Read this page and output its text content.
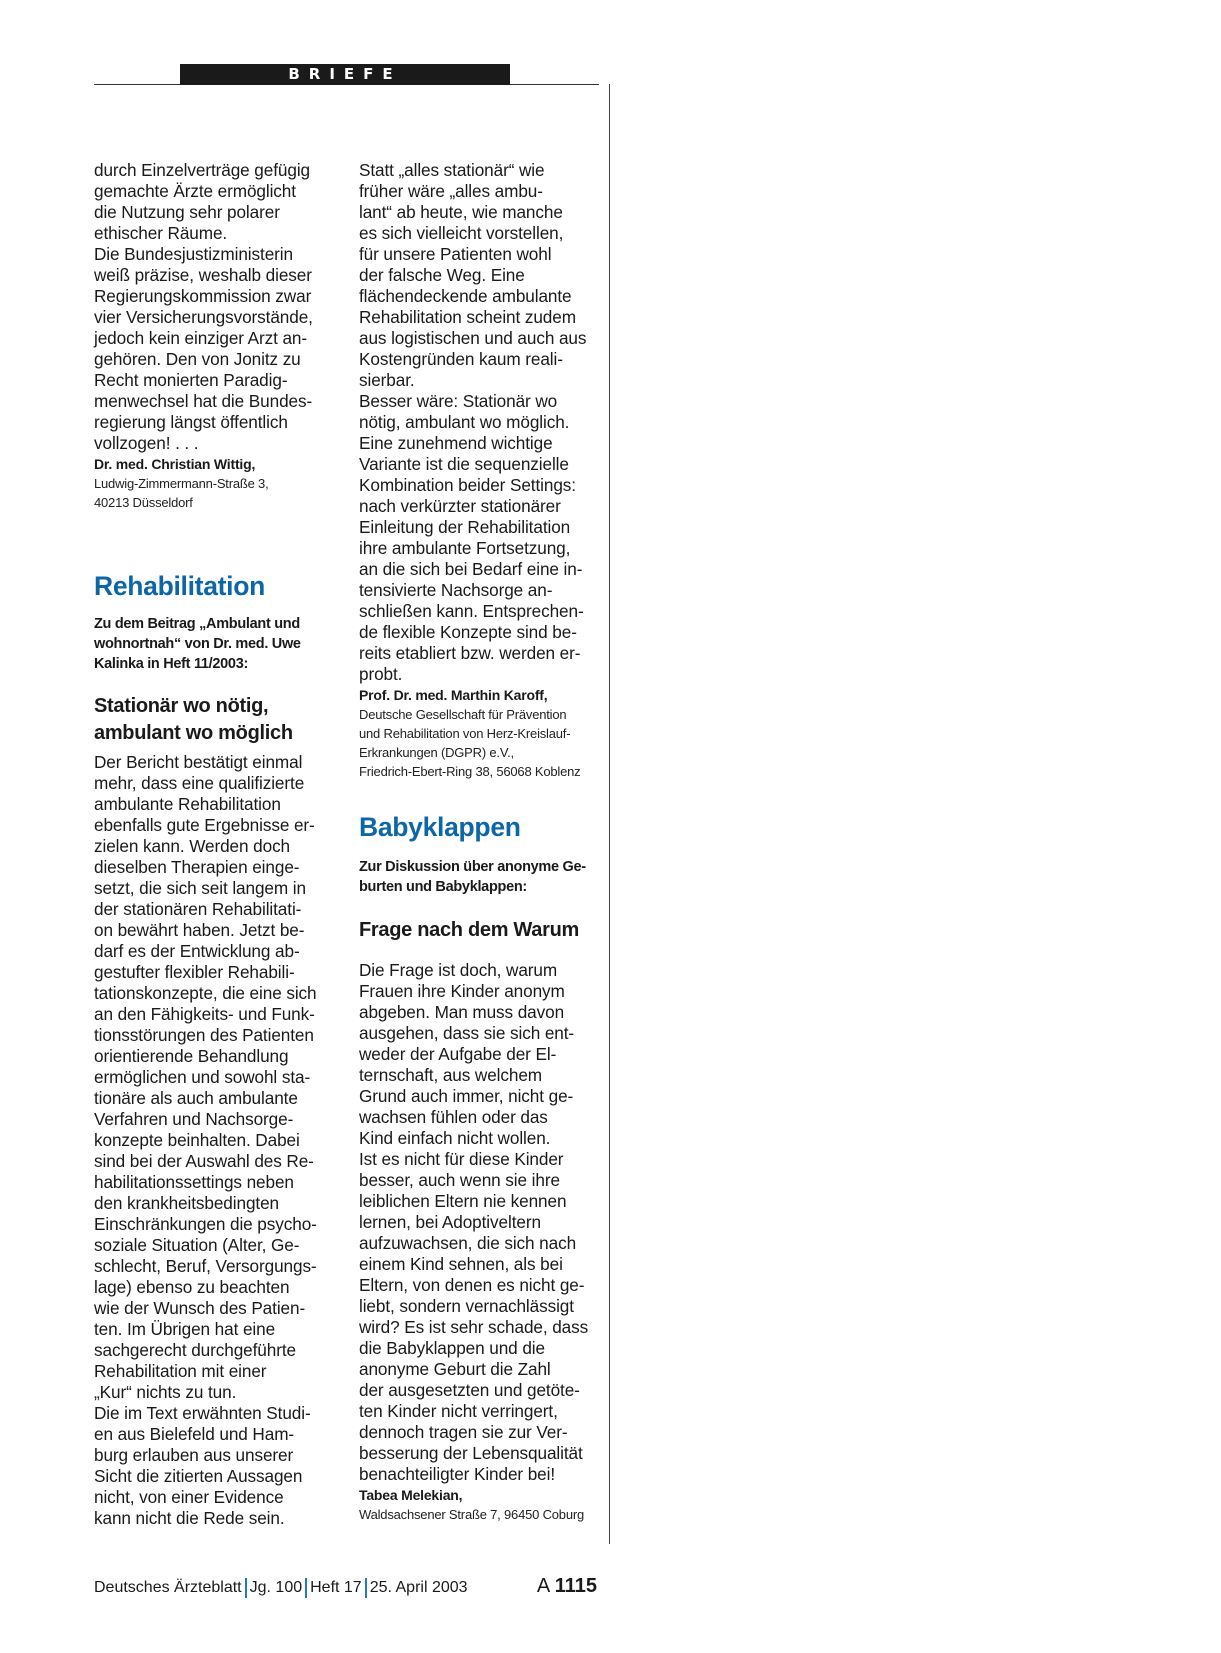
BRIEFE

durch Einzelverträge gefügig
gemachte Ärzte ermöglicht
die Nutzung sehr polarer
ethischer Räume.
Die Bundesjustizministerin
weiß präzise, weshalb dieser
Regierungskommission zwar
vier Versicherungsvorstände,
jedoch kein einziger Arzt an-
gehören. Den von Jonitz zu
Recht monierten Paradig-
menwechsel hat die Bundes-
regierung längst öffentlich
vollzogen! . . .

Dr. med. Christian Wittig,

Ludwig-Zimmermann-Straße 3,
40213 Düsseldorf

Rehabilitation

Zu dem Beitrag „Ambulant und
wohnortnah“ von Dr. med. Uwe
Kalinka in Heft 11/2003:

Stationär wo nötig,
ambulant wo möglich

Der Bericht bestätigt einmal
mehr, dass eine qualifizierte
ambulante Rehabilitation
ebenfalls gute Ergebnisse er-
zielen kann. Werden doch
dieselben Therapien einge-
setzt, die sich seit langem in
der stationären Rehabilitati-
on bewährt haben. Jetzt be-
darf es der Entwicklung ab-
gestufter flexibler Rehabili-
tationskonzepte, die eine sich
an den Fähigkeits- und Funk-
tionsstörungen des Patienten
orientierende Behandlung
ermöglichen und sowohl sta-
tionäre als auch ambulante
Verfahren und Nachsorge-
konzepte beinhalten. Dabei
sind bei der Auswahl des Re-
habilitationssettings neben
den krankheitsbedingten
Einschränkungen die psycho-
soziale Situation (Alter, Ge-
schlecht, Beruf, Versorgungs-
lage) ebenso zu beachten
wie der Wunsch des Patien-
ten. Im Übrigen hat eine
sachgerecht durchgeführte
Rehabilitation mit einer
„Kur“ nichts zu tun.
Die im Text erwähnten Studi-
en aus Bielefeld und Ham-
burg erlauben aus unserer
Sicht die zitierten Aussagen
nicht, von einer Evidence
kann nicht die Rede sein.

Statt „alles stationär“ wie
früher wäre „alles ambu-
lant“ ab heute, wie manche
es sich vielleicht vorstellen,
für unsere Patienten wohl
der falsche Weg. Eine
flächendeckende ambulante
Rehabilitation scheint zudem
aus logistischen und auch aus
Kostengründen kaum reali-
sierbar.
Besser wäre: Stationär wo
nötig, ambulant wo möglich.
Eine zunehmend wichtige
Variante ist die sequenzielle
Kombination beider Settings:
nach verkürzter stationärer
Einleitung der Rehabilitation
ihre ambulante Fortsetzung,
an die sich bei Bedarf eine in-
tensivierte Nachsorge an-
schließen kann. Entsprechen-
de flexible Konzepte sind be-
reits etabliert bzw. werden er-
probt.

Prof. Dr. med. Marthin Karoff,

Deutsche Gesellschaft für Prävention
und Rehabilitation von Herz-Kreislauf-
Erkrankungen (DGPR) e.V.,
Friedrich-Ebert-Ring 38, 56068 Koblenz

Babyklappen

Zur Diskussion über anonyme Ge-
burten und Babyklappen:

Frage nach dem Warum

Die Frage ist doch, warum
Frauen ihre Kinder anonym
abgeben. Man muss davon
ausgehen, dass sie sich ent-
weder der Aufgabe der El-
ternschaft, aus welchem
Grund auch immer, nicht ge-
wachsen fühlen oder das
Kind einfach nicht wollen.
Ist es nicht für diese Kinder
besser, auch wenn sie ihre
leiblichen Eltern nie kennen
lernen, bei Adoptiveltern
aufzuwachsen, die sich nach
einem Kind sehnen, als bei
Eltern, von denen es nicht ge-
liebt, sondern vernachlässigt
wird? Es ist sehr schade, dass
die Babyklappen und die
anonyme Geburt die Zahl
der ausgesetzten und getöte-
ten Kinder nicht verringert,
dennoch tragen sie zur Ver-
besserung der Lebensqualität
benachteiligter Kinder bei!

Tabea Melekian,

Waldsachsener Straße 7, 96450 Coburg

Deutsches Ärzteblatt Jg. 100 Heft 17 25. April 2003	A 1115
